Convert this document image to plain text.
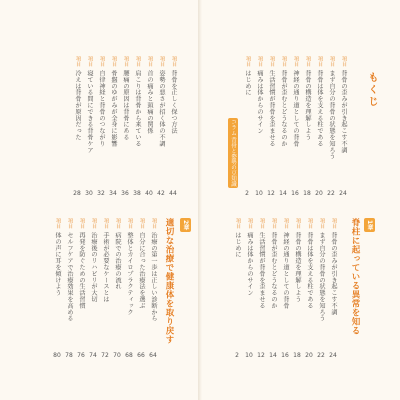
もくじ
項目
背骨の歪みが引き起こす不調
24
項目
まず自分の背骨の状態を知ろう
22
項目
背骨は体を支える柱である
20
項目
背骨の構造を理解しよう
18
項目
神経の通り道としての背骨
16
項目
背骨が歪むとどうなるのか
14
項目
生活習慣が背骨を歪ませる
12
項目
痛みは体からのサイン
10
項目
はじめに
2
1章
脊柱に起っている異常を知る
項目
背骨の歪みが引き起こす不調
24
項目
まず自分の背骨の状態を知ろう
22
項目
背骨は体を支える柱である
20
項目
背骨の構造を理解しよう
18
項目
神経の通り道としての背骨
16
項目
背骨が歪むとどうなるのか
14
項目
生活習慣が背骨を歪ませる
12
項目
痛みは体からのサイン
10
項目
はじめに
2
2章
適切な治療で健康体を取り戻す
項目
背骨を正しく保つ方法
44
項目
姿勢の悪さが招く体の不調
42
項目
首の痛みと頭痛の関係
40
項目
肩こりは背骨から来ている
38
項目
腰痛の原因は背骨にある
36
項目
骨盤のゆがみが全身に影響
34
項目
自律神経と背骨のつながり
32
項目
寝ている間にできる背骨ケア
30
項目
冷えは背骨が原因だった
28
項目
治療の第一歩は正しい診断から
64
項目
自分に合った治療法を選ぶ
66
項目
整体とカイロプラクティック
68
項目
病院での治療の流れ
70
項目
手術が必要なケースとは
72
項目
治療後のリハビリが大切
74
項目
再発を防ぐための生活習慣
76
項目
セルフケアで治療効果を高める
78
項目
体の声に耳を傾けよう
80
コラム 背骨と姿勢の豆知識
